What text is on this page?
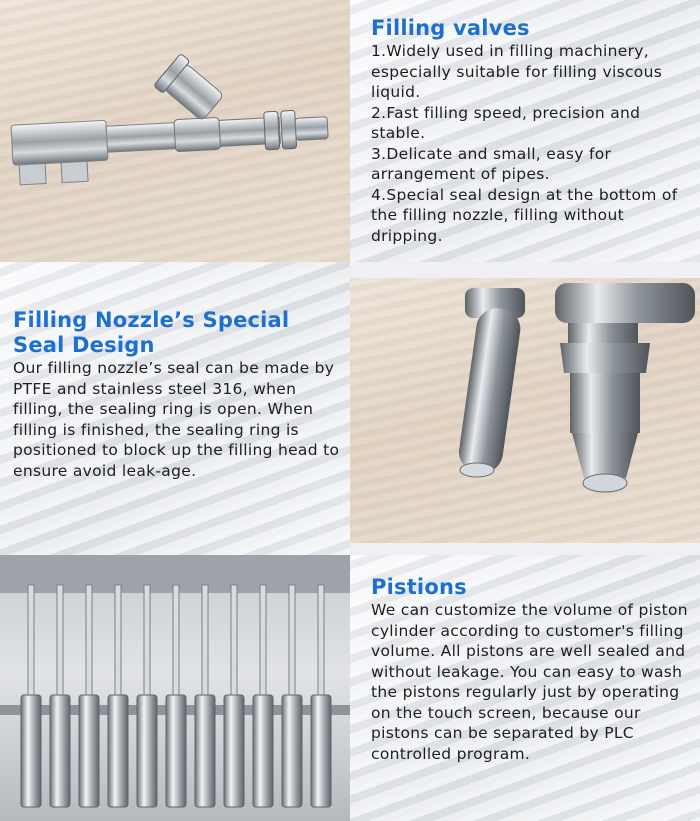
Filling valves

1.Widely used in filling machinery, especially suitable for filling viscous liquid.

2.Fast filling speed, precision and stable.

3.Delicate and small, easy for arrangement of pipes.

4.Special seal design at the bottom of the filling nozzle, filling without dripping.

Filling Nozzle’s Special Seal Design
Our filling nozzle’s seal can be made by PTFE and stainless steel 316, when filling, the sealing ring is open. When filling is finished, the sealing ring is positioned to block up the filling head to ensure avoid leak-age.
Pistions
We can customize the volume of piston cylinder according to customer's filling volume. All pistons are well sealed and without leakage. You can easy to wash the pistons regularly just by operating on the touch screen, because our pistons can be separated by PLC controlled program.
